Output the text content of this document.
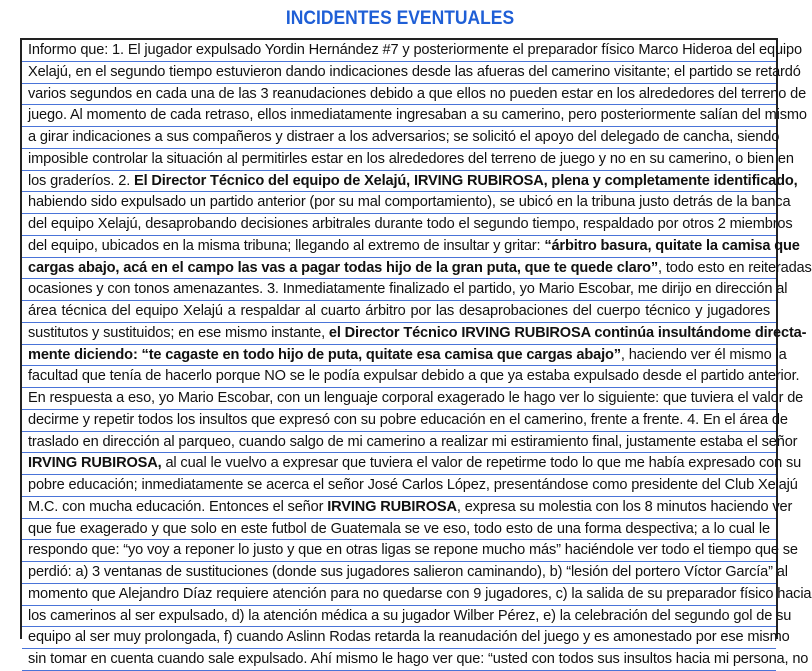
INCIDENTES EVENTUALES
Informo que: 1. El jugador expulsado Yordin Hernández #7 y posteriormente el preparador físico Marco Hideroa del equipo
Xelajú, en el segundo tiempo estuvieron dando indicaciones desde las afueras del camerino visitante; el partido se retardó
varios segundos en cada una de las 3 reanudaciones debido a que ellos no pueden estar en los alrededores del terreno de
juego. Al momento de cada retraso, ellos inmediatamente ingresaban a su camerino, pero posteriormente salían del mismo
a girar indicaciones a sus compañeros y distraer a los adversarios; se solicitó el apoyo del delegado de cancha, siendo
imposible controlar la situación al permitirles estar en los alrededores del terreno de juego y no en su camerino, o bien en
los graderíos. 2. El Director Técnico del equipo de Xelajú, IRVING RUBIROSA, plena y completamente identificado,
habiendo sido expulsado un partido anterior (por su mal comportamiento), se ubicó en la tribuna justo detrás de la banca
del equipo Xelajú, desaprobando decisiones arbitrales durante todo el segundo tiempo, respaldado por otros 2 miembros
del equipo, ubicados en la misma tribuna; llegando al extremo de insultar y gritar: “árbitro basura, quitate la camisa que
cargas abajo, acá en el campo las vas a pagar todas hijo de la gran puta, que te quede claro”, todo esto en reiteradas
ocasiones y con tonos amenazantes. 3. Inmediatamente finalizado el partido, yo Mario Escobar, me dirijo en dirección al
área técnica del equipo Xelajú a respaldar al cuarto árbitro por las desaprobaciones del cuerpo técnico y jugadores
sustitutos y sustituidos; en ese mismo instante, el Director Técnico IRVING RUBIROSA continúa insultándome directa-
mente diciendo: “te cagaste en todo hijo de puta, quitate esa camisa que cargas abajo”, haciendo ver él mismo la
facultad que tenía de hacerlo porque NO se le podía expulsar debido a que ya estaba expulsado desde el partido anterior.
En respuesta a eso, yo Mario Escobar, con un lenguaje corporal exagerado le hago ver lo siguiente: que tuviera el valor de
decirme y repetir todos los insultos que expresó con su pobre educación en el camerino, frente a frente. 4. En el área de
traslado en dirección al parqueo, cuando salgo de mi camerino a realizar mi estiramiento final, justamente estaba el señor
IRVING RUBIROSA, al cual le vuelvo a expresar que tuviera el valor de repetirme todo lo que me había expresado con su
pobre educación; inmediatamente se acerca el señor José Carlos López, presentándose como presidente del Club Xelajú
M.C. con mucha educación. Entonces el señor IRVING RUBIROSA, expresa su molestia con los 8 minutos haciendo ver
que fue exagerado y que solo en este futbol de Guatemala se ve eso, todo esto de una forma despectiva; a lo cual le
respondo que: “yo voy a reponer lo justo y que en otras ligas se repone mucho más” haciéndole ver todo el tiempo que se
perdió: a) 3 ventanas de sustituciones (donde sus jugadores salieron caminando), b) “lesión del portero Víctor García” al
momento que Alejandro Díaz requiere atención para no quedarse con 9 jugadores, c) la salida de su preparador físico hacia
los camerinos al ser expulsado, d) la atención médica a su jugador Wilber Pérez, e) la celebración del segundo gol de su
equipo al ser muy prolongada, f) cuando Aslinn Rodas retarda la reanudación del juego y es amonestado por ese mismo
sin tomar en cuenta cuando sale expulsado. Ahí mismo le hago ver que: “usted con todos sus insultos hacia mi persona, no
